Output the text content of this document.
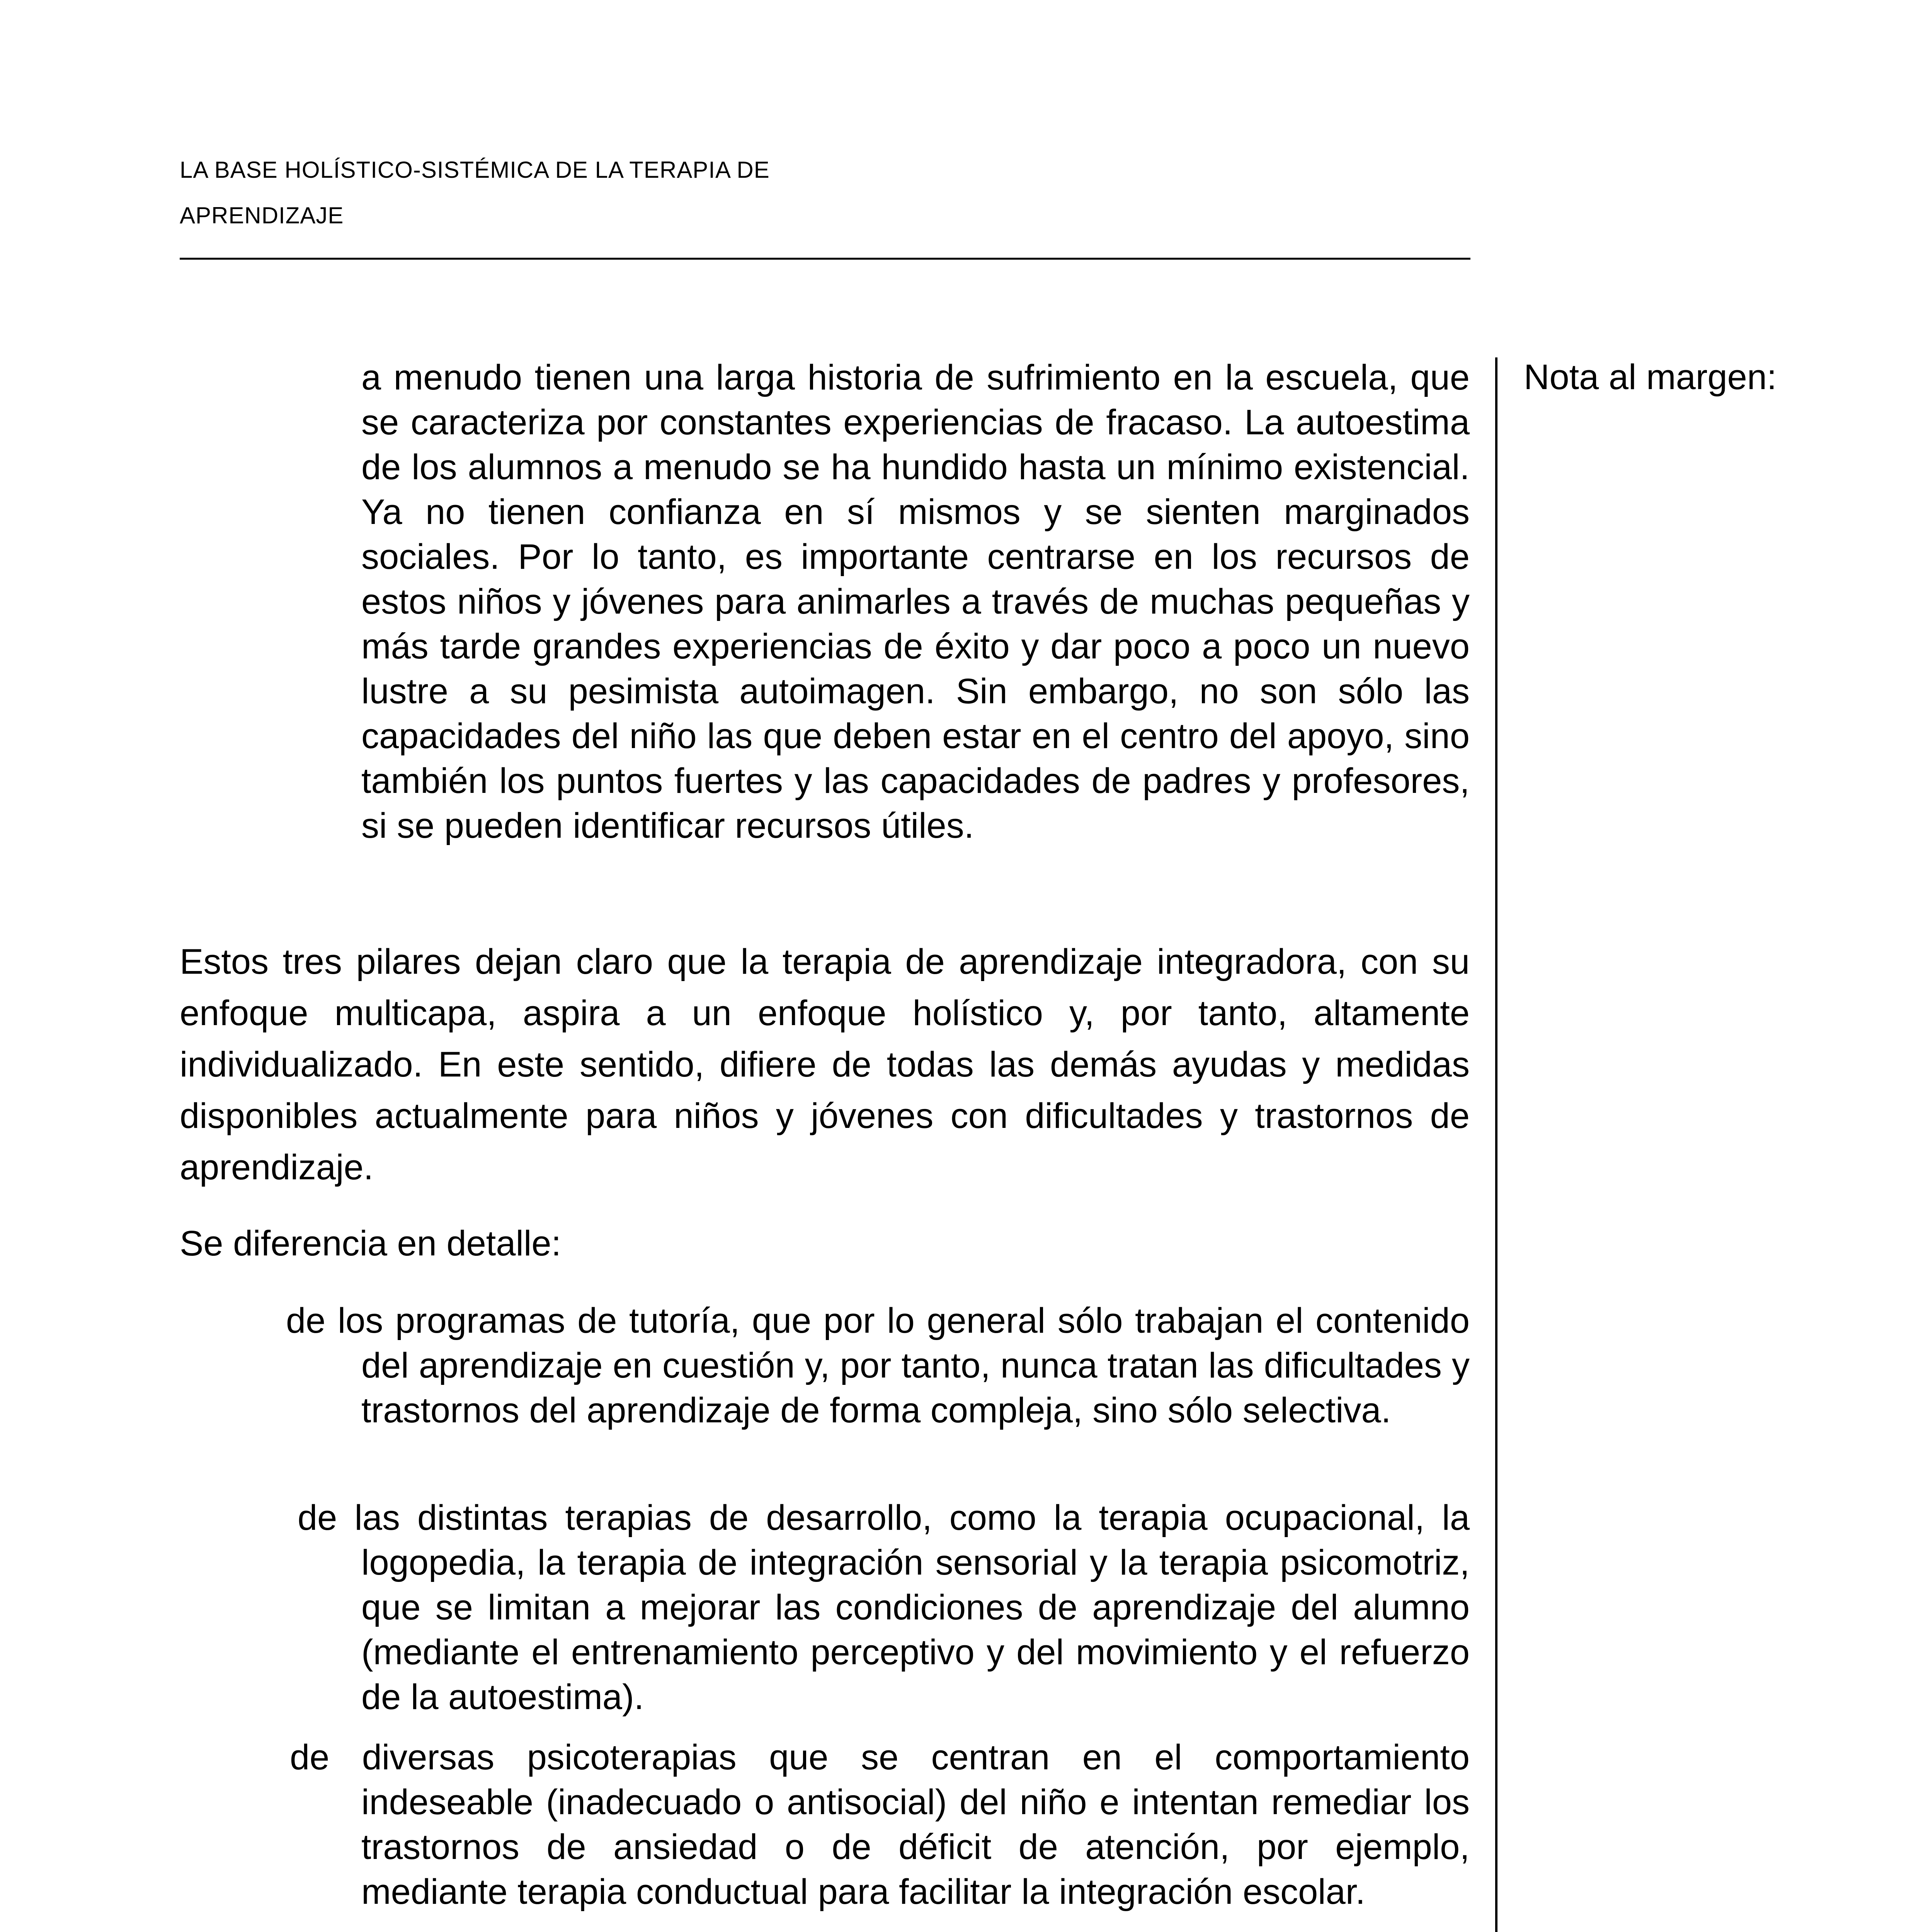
LA BASE HOLÍSTICO-SISTÉMICA DE LA TERAPIA DE
APRENDIZAJE
Nota al margen:
a menudo tienen una larga historia de sufrimiento en la escuela, que se caracteriza por constantes experiencias de fracaso. La autoestima de los alumnos a menudo se ha hundido hasta un mínimo existencial. Ya no tienen confianza en sí mismos y se sienten marginados sociales. Por lo tanto, es importante centrarse en los recursos de estos niños y jóvenes para animarles a través de muchas pequeñas y más tarde grandes experiencias de éxito y dar poco a poco un nuevo lustre a su pesimista autoimagen. Sin embargo, no son sólo las capacidades del niño las que deben estar en el centro del apoyo, sino también los puntos fuertes y las capacidades de padres y profesores, si se pueden identificar recursos útiles.
Estos tres pilares dejan claro que la terapia de aprendizaje integradora, con su enfoque multicapa, aspira a un enfoque holístico y, por tanto, altamente individualizado. En este sentido, difiere de todas las demás ayudas y medidas disponibles actualmente para niños y jóvenes con dificultades y trastornos de aprendizaje.
Se diferencia en detalle:
de los programas de tutoría, que por lo general sólo trabajan el contenido del aprendizaje en cuestión y, por tanto, nunca tratan las dificultades y trastornos del aprendizaje de forma compleja, sino sólo selectiva.
de las distintas terapias de desarrollo, como la terapia ocupacional, la logopedia, la terapia de integración sensorial y la terapia psicomotriz, que se limitan a mejorar las condiciones de aprendizaje del alumno (mediante el entrenamiento perceptivo y del movimiento y el refuerzo de la autoestima).
de diversas psicoterapias que se centran en el comportamiento indeseable (inadecuado o antisocial) del niño e intentan remediar los trastornos de ansiedad o de déficit de atención, por ejemplo, mediante terapia conductual para facilitar la integración escolar.
